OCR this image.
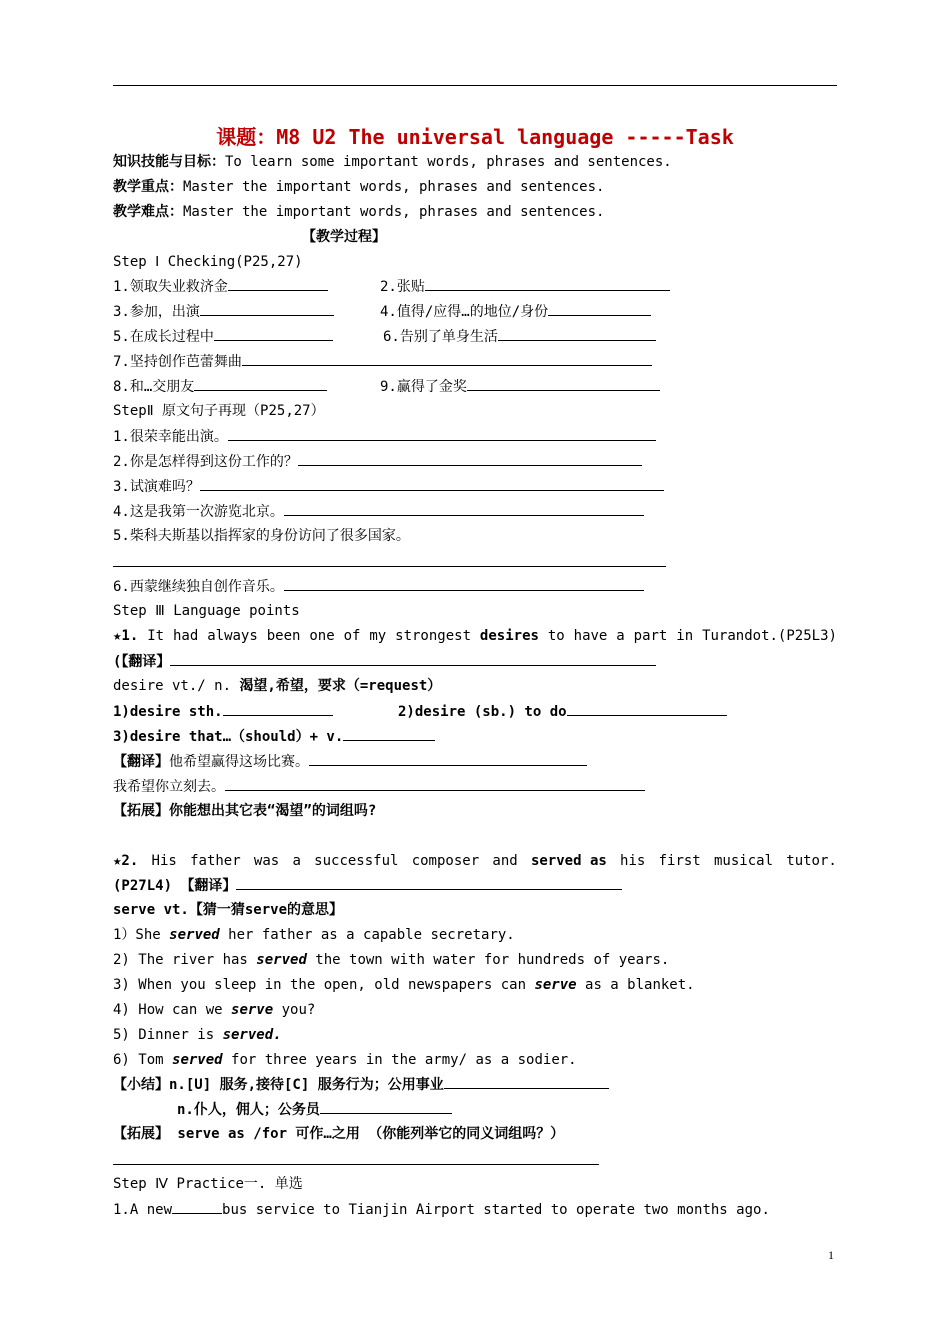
课题：M8 U2 The universal language -----Task
知识技能与目标：To learn some important words, phrases and sentences.
教学重点：Master the important words, phrases and sentences.
教学难点：Master the important words, phrases and sentences.
【教学过程】
Step Ⅰ Checking(P25,27)
1.领取失业救济金	2.张贴
3.参加，出演	4.值得/应得…的地位/身份
5.在成长过程中	6.告别了单身生活
7.坚持创作芭蕾舞曲
8.和…交朋友	9.赢得了金奖
StepⅡ 原文句子再现（P25,27）
1.很荣幸能出演。
2.你是怎样得到这份工作的？
3.试演难吗？
4.这是我第一次游览北京。
5.柴科夫斯基以指挥家的身份访问了很多国家。
6.西蒙继续独自创作音乐。
Step Ⅲ Language points
★1. It had always been one of my strongest desires to have a part in Turandot.(P25L3)
(【翻译】
desire vt./ n. 渴望,希望，要求（=request）
1)desire sth.	2)desire (sb.) to do
3)desire that…（should）+ v.
【翻译】他希望赢得这场比赛。
我希望你立刻去。
【拓展】你能想出其它表“渴望”的词组吗?
★2. His father was a successful composer and served as his first musical tutor.
(P27L4) 【翻译】
serve vt.【猜一猜serve的意思】
1）She served her father as a capable secretary.
2) The river has served the town with water for hundreds of years.
3) When you sleep in the open, old newspapers can serve as a blanket.
4) How can we serve you?
5) Dinner is served.
6) Tom served for three years in the army/ as a sodier.
【小结】n.[U] 服务,接待[C] 服务行为；公用事业
n.仆人，佣人；公务员
【拓展】 serve as /for 可作…之用 （你能列举它的同义词组吗？）
Step Ⅳ Practice一. 单选
1.A new	bus service to Tianjin Airport started to operate two months ago.
1
